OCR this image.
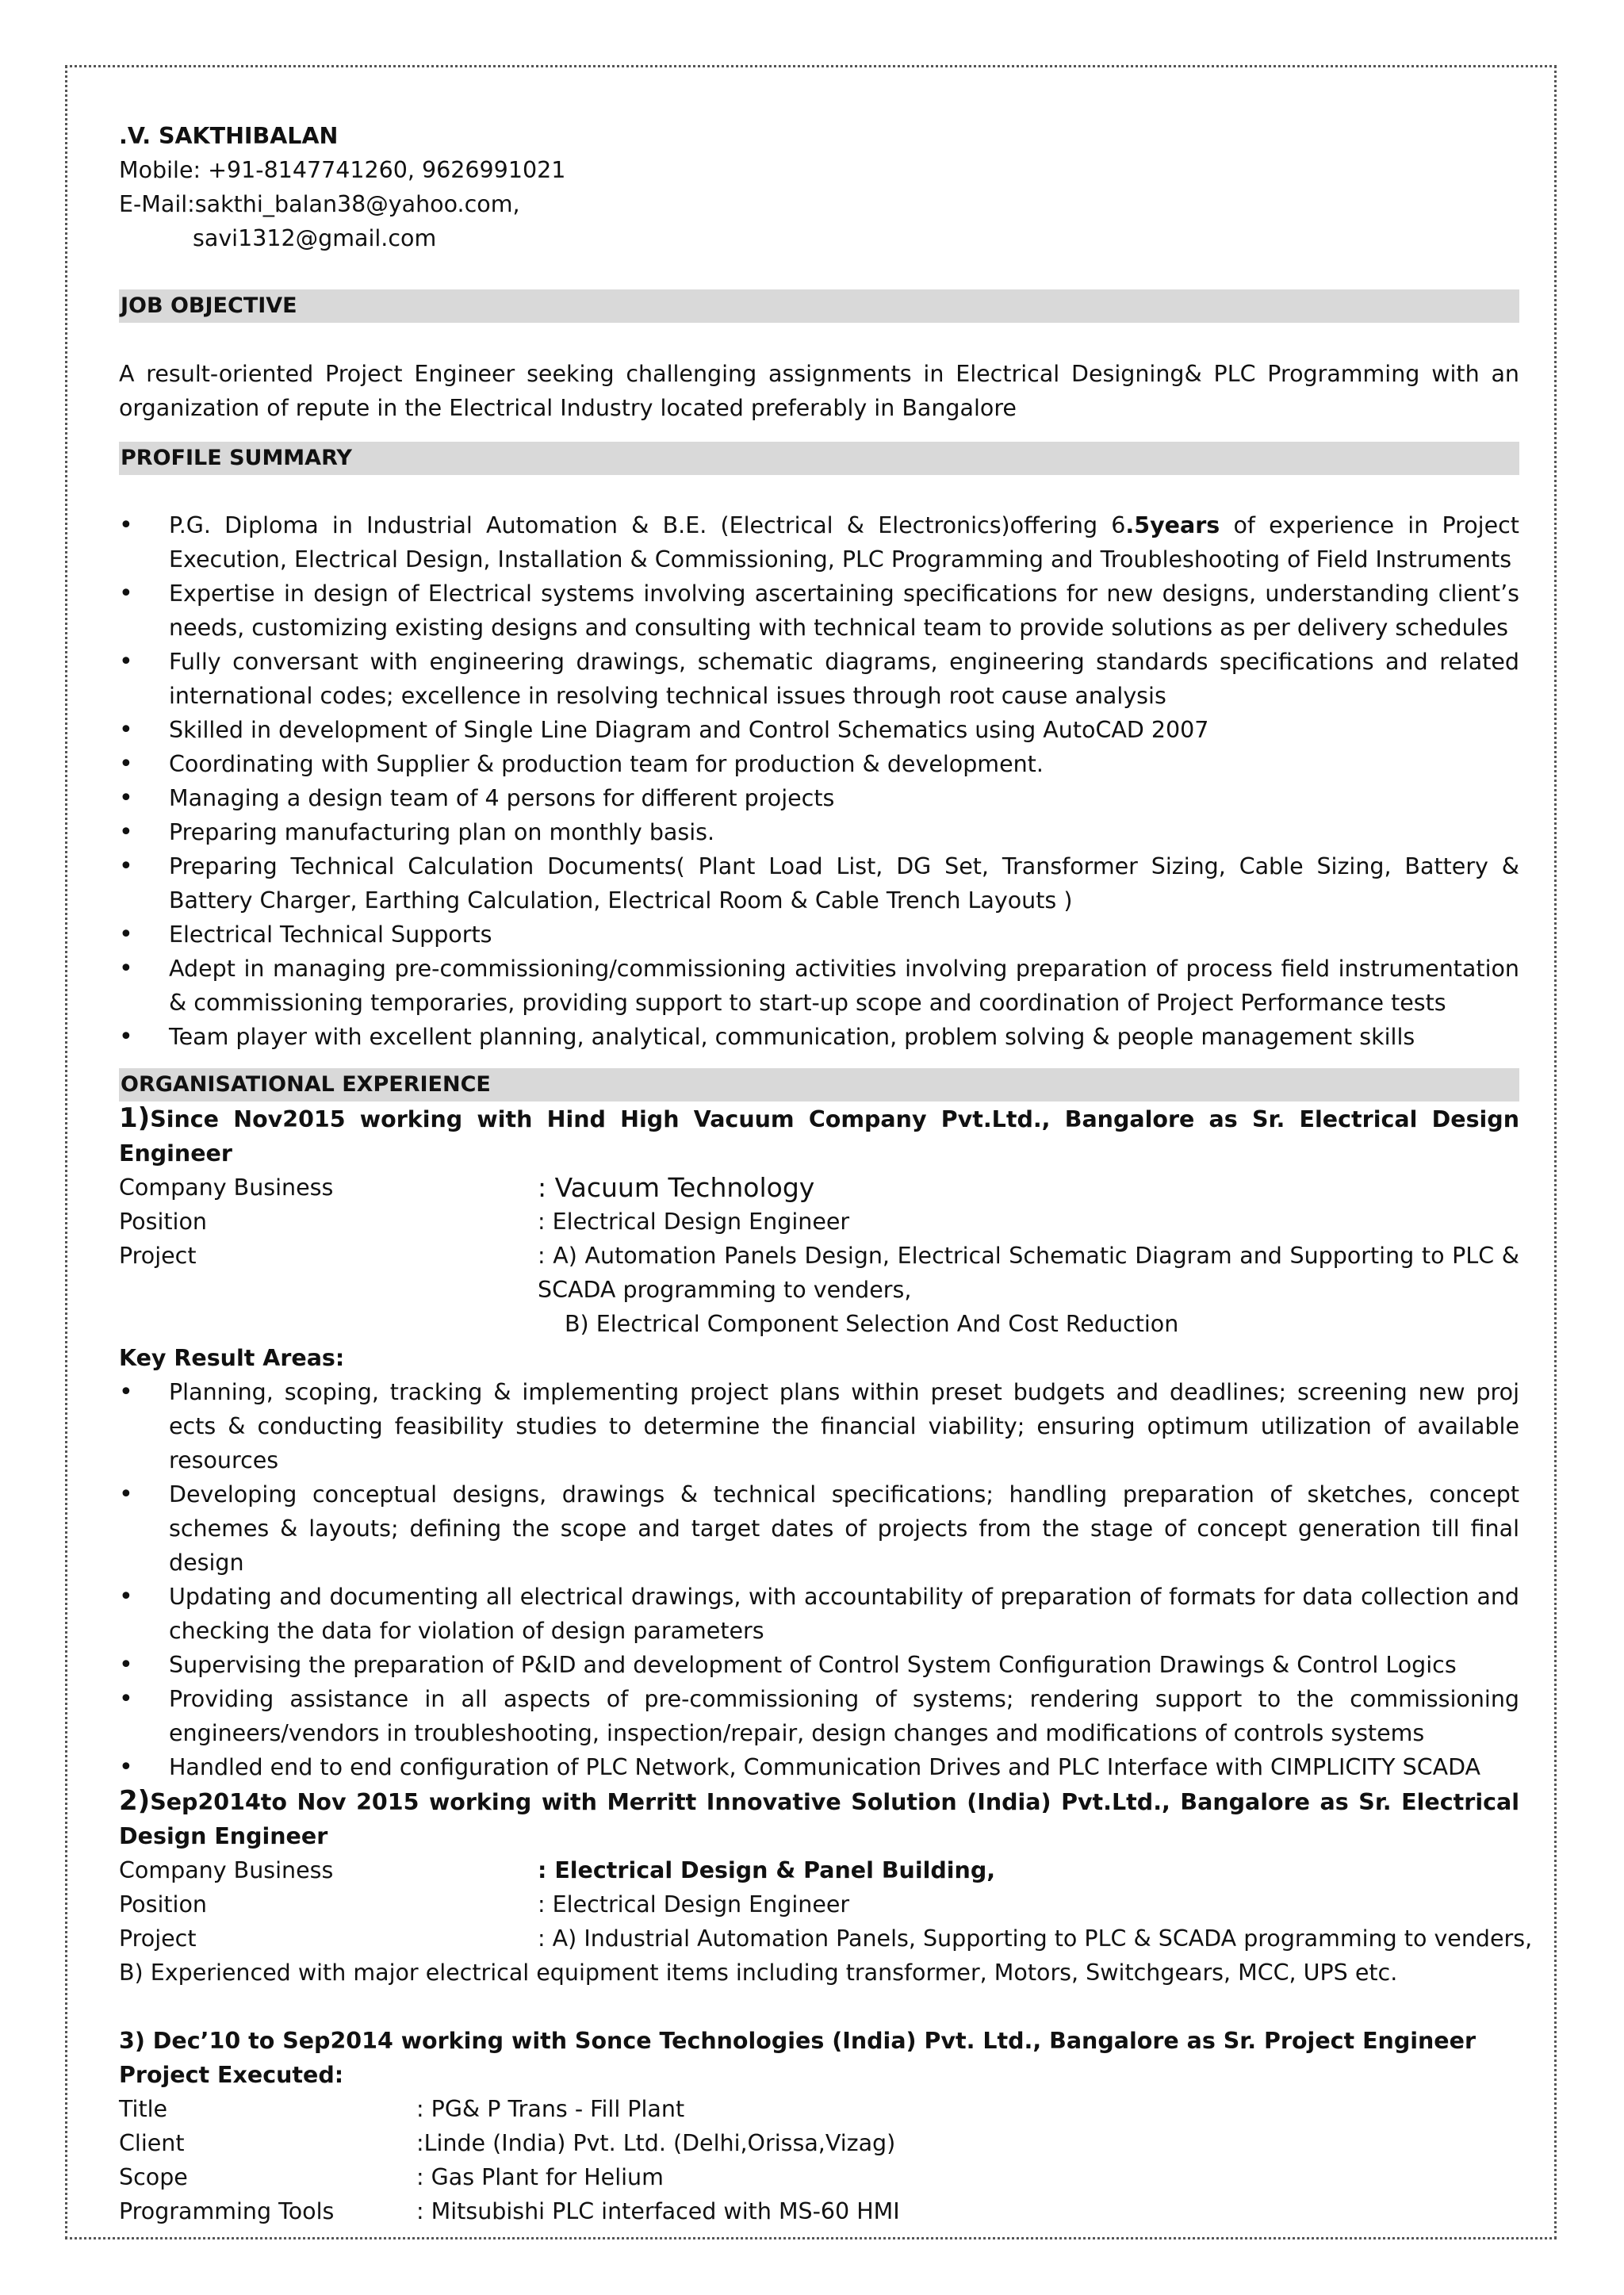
.V. SAKTHIBALAN
Mobile: +91-8147741260, 9626991021
E-Mail:sakthi_balan38@yahoo.com,
savi1312@gmail.com
JOB OBJECTIVE
A result-oriented Project Engineer seeking challenging assignments in Electrical Designing& PLC Programming with an organization of repute in the Electrical Industry located preferably in Bangalore
PROFILE SUMMARY
• P.G. Diploma in Industrial Automation & B.E. (Electrical & Electronics)offering 6.5years of experience in Project Execution, Electrical Design, Installation & Commissioning, PLC Programming and Troubleshooting of Field Instruments
• Expertise in design of Electrical systems involving ascertaining specifications for new designs, understanding client’s needs, customizing existing designs and consulting with technical team to provide solutions as per delivery schedules
• Fully conversant with engineering drawings, schematic diagrams, engineering standards specifications and related international codes; excellence in resolving technical issues through root cause analysis
• Skilled in development of Single Line Diagram and Control Schematics using AutoCAD 2007
• Coordinating with Supplier & production team for production & development.
• Managing a design team of 4 persons for different projects
• Preparing manufacturing plan on monthly basis.
• Preparing Technical Calculation Documents( Plant Load List, DG Set, Transformer Sizing, Cable Sizing, Battery & Battery Charger, Earthing Calculation, Electrical Room & Cable Trench Layouts )
• Electrical Technical Supports
• Adept in managing pre-commissioning/commissioning activities involving preparation of process field instrumentation & commissioning temporaries, providing support to start-up scope and coordination of Project Performance tests
• Team player with excellent planning, analytical, communication, problem solving & people management skills
ORGANISATIONAL EXPERIENCE
1)Since Nov2015 working with Hind High Vacuum Company Pvt.Ltd., Bangalore as Sr. Electrical Design Engineer
Company Business	: Vacuum Technology
Position	: Electrical Design Engineer
Project	: A) Automation Panels Design, Electrical Schematic Diagram and Supporting to PLC & SCADA programming to venders,
B) Electrical Component Selection And Cost Reduction
Key Result Areas:
• Planning, scoping, tracking & implementing project plans within preset budgets and deadlines; screening new proj ects & conducting feasibility studies to determine the financial viability; ensuring optimum utilization of available resources
• Developing conceptual designs, drawings & technical specifications; handling preparation of sketches, concept schemes & layouts; defining the scope and target dates of projects from the stage of concept generation till final design
• Updating and documenting all electrical drawings, with accountability of preparation of formats for data collection and checking the data for violation of design parameters
• Supervising the preparation of P&ID and development of Control System Configuration Drawings & Control Logics
• Providing assistance in all aspects of pre-commissioning of systems; rendering support to the commissioning engineers/vendors in troubleshooting, inspection/repair, design changes and modifications of controls systems
• Handled end to end configuration of PLC Network, Communication Drives and PLC Interface with CIMPLICITY SCADA
2)Sep2014to Nov 2015 working with Merritt Innovative Solution (India) Pvt.Ltd., Bangalore as Sr. Electrical Design Engineer
Company Business	: Electrical Design & Panel Building,
Position	: Electrical Design Engineer
Project	: A) Industrial Automation Panels, Supporting to PLC & SCADA programming to venders,
B) Experienced with major electrical equipment items including transformer, Motors, Switchgears, MCC, UPS etc.
3) Dec’10 to Sep2014 working with Sonce Technologies (India) Pvt. Ltd., Bangalore as Sr. Project Engineer
Project Executed:
Title	: PG& P Trans - Fill Plant
Client	:Linde (India) Pvt. Ltd. (Delhi,Orissa,Vizag)
Scope	: Gas Plant for Helium
Programming Tools	: Mitsubishi PLC interfaced with MS-60 HMI
